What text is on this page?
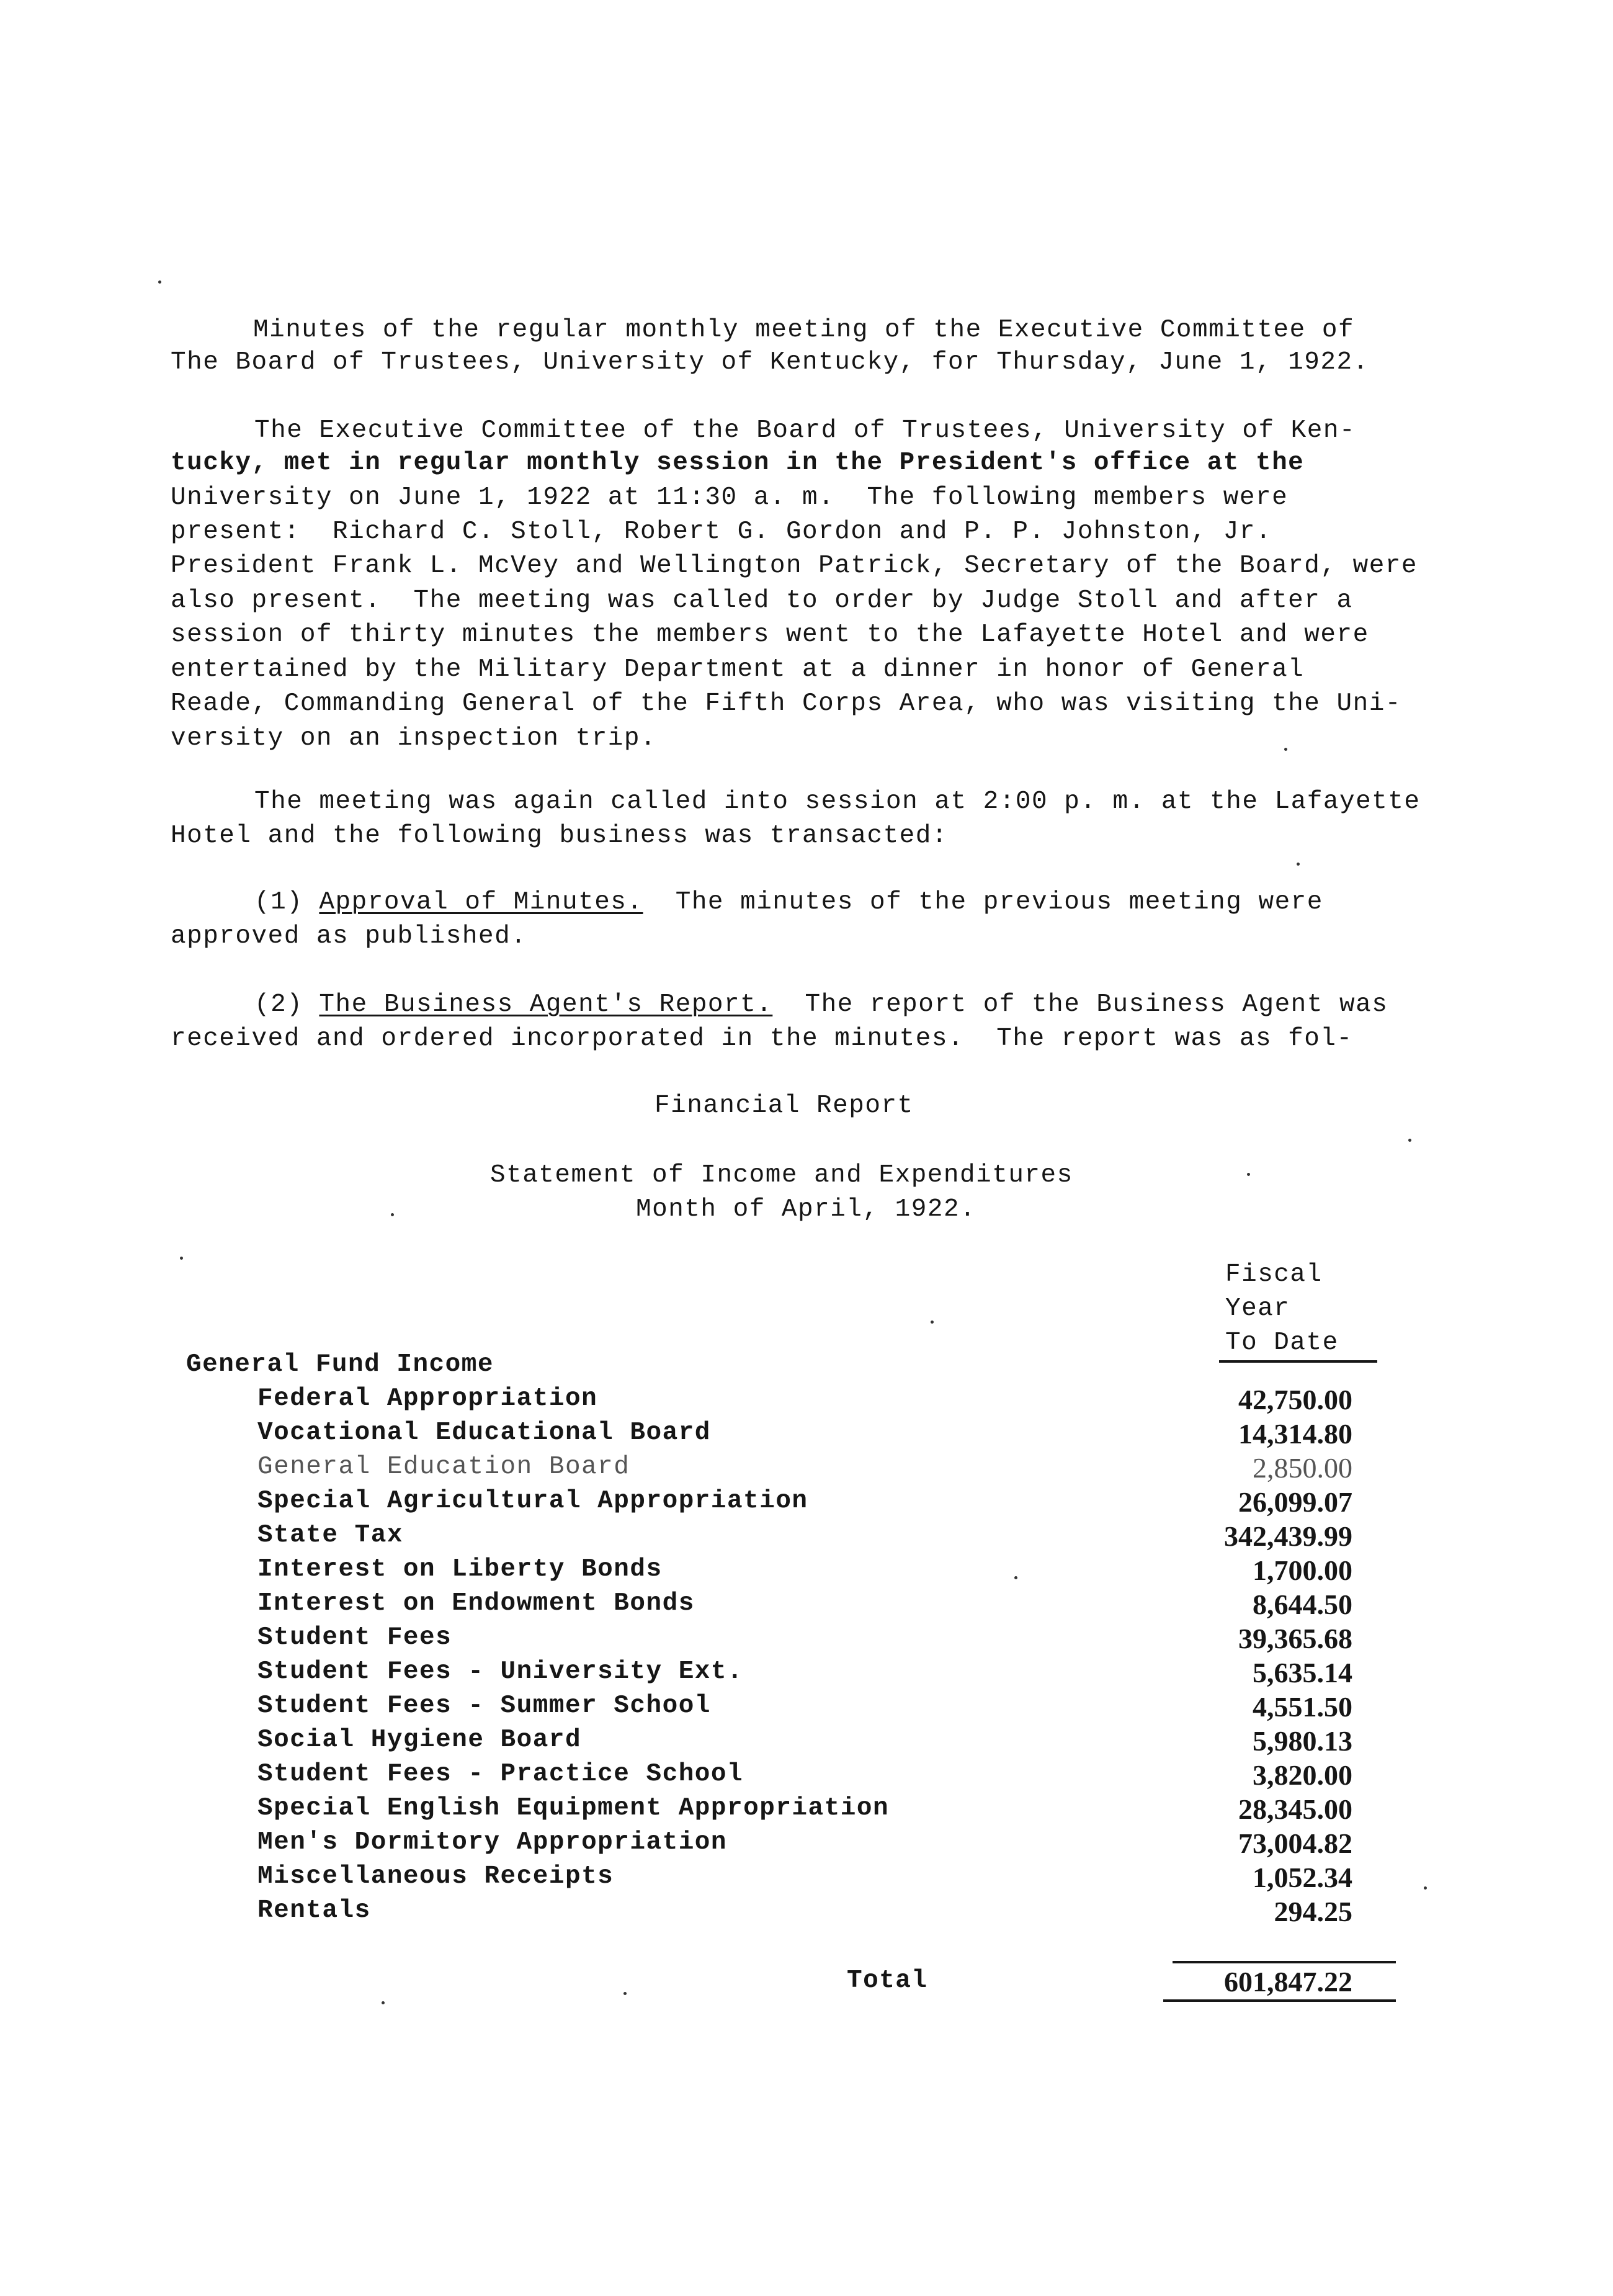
Minutes of the regular monthly meeting of the Executive Committee of

The Board of Trustees, University of Kentucky, for Thursday, June 1, 1922.

The Executive Committee of the Board of Trustees, University of Ken-

tucky, met in regular monthly session in the President's office at the

University on June 1, 1922 at 11:30 a. m.  The following members were

present:  Richard C. Stoll, Robert G. Gordon and P. P. Johnston, Jr.

President Frank L. McVey and Wellington Patrick, Secretary of the Board, were

also present.  The meeting was called to order by Judge Stoll and after a

session of thirty minutes the members went to the Lafayette Hotel and were

entertained by the Military Department at a dinner in honor of General

Reade, Commanding General of the Fifth Corps Area, who was visiting the Uni-

versity on an inspection trip.

The meeting was again called into session at 2:00 p. m. at the Lafayette

Hotel and the following business was transacted:

(1) Approval of Minutes.  The minutes of the previous meeting were

approved as published.

(2) The Business Agent's Report.  The report of the Business Agent was

received and ordered incorporated in the minutes.  The report was as fol-

Financial Report

Statement of Income and Expenditures

Month of April, 1922.

Fiscal

Year

To Date

General Fund Income

Federal Appropriation	42,750.00
Vocational Educational Board	14,314.80
General Education Board	2,850.00
Special Agricultural Appropriation	26,099.07
State Tax	342,439.99
Interest on Liberty Bonds	1,700.00
Interest on Endowment Bonds	8,644.50
Student Fees	39,365.68
Student Fees - University Ext.	5,635.14
Student Fees - Summer School	4,551.50
Social Hygiene Board	5,980.13
Student Fees - Practice School	3,820.00
Special English Equipment Appropriation	28,345.00
Men's Dormitory Appropriation	73,004.82
Miscellaneous Receipts	1,052.34
Rentals	294.25

Total	601,847.22
